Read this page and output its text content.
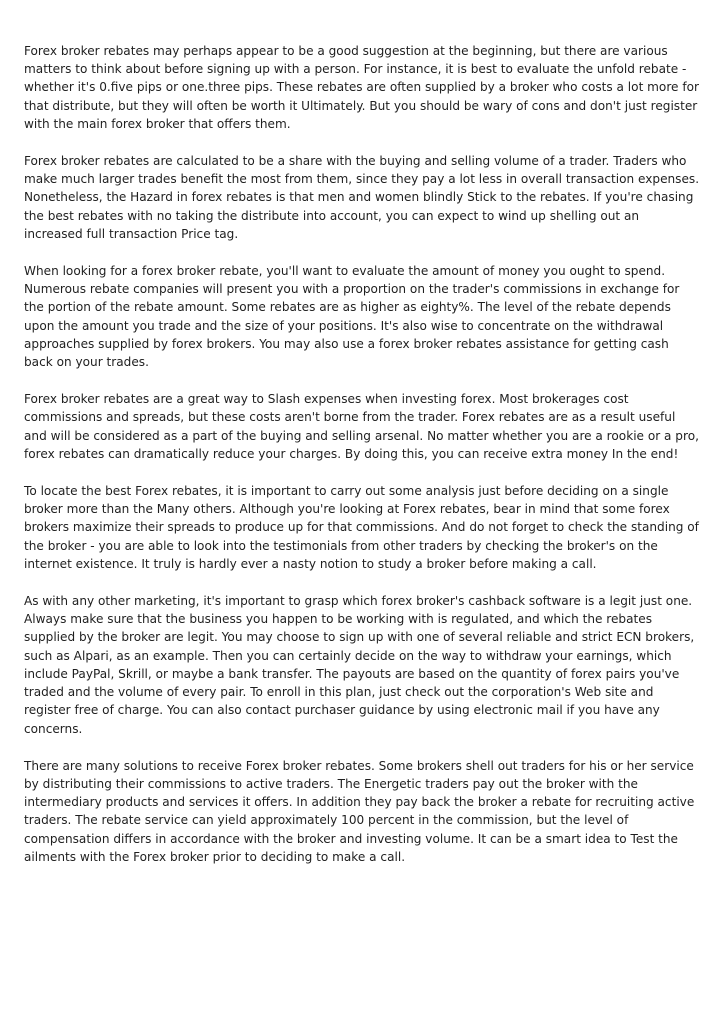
Forex broker rebates may perhaps appear to be a good suggestion at the beginning, but there are various matters to think about before signing up with a person. For instance, it is best to evaluate the unfold rebate - whether it's 0.five pips or one.three pips. These rebates are often supplied by a broker who costs a lot more for that distribute, but they will often be worth it Ultimately. But you should be wary of cons and don't just register with the main forex broker that offers them.

Forex broker rebates are calculated to be a share with the buying and selling volume of a trader. Traders who make much larger trades benefit the most from them, since they pay a lot less in overall transaction expenses. Nonetheless, the Hazard in forex rebates is that men and women blindly Stick to the rebates. If you're chasing the best rebates with no taking the distribute into account, you can expect to wind up shelling out an increased full transaction Price tag.

When looking for a forex broker rebate, you'll want to evaluate the amount of money you ought to spend. Numerous rebate companies will present you with a proportion on the trader's commissions in exchange for the portion of the rebate amount. Some rebates are as higher as eighty%. The level of the rebate depends upon the amount you trade and the size of your positions. It's also wise to concentrate on the withdrawal approaches supplied by forex brokers. You may also use a forex broker rebates assistance for getting cash back on your trades.

Forex broker rebates are a great way to Slash expenses when investing forex. Most brokerages cost commissions and spreads, but these costs aren't borne from the trader. Forex rebates are as a result useful and will be considered as a part of the buying and selling arsenal. No matter whether you are a rookie or a pro, forex rebates can dramatically reduce your charges. By doing this, you can receive extra money In the end!

To locate the best Forex rebates, it is important to carry out some analysis just before deciding on a single broker more than the Many others. Although you're looking at Forex rebates, bear in mind that some forex brokers maximize their spreads to produce up for that commissions. And do not forget to check the standing of the broker - you are able to look into the testimonials from other traders by checking the broker's on the internet existence. It truly is hardly ever a nasty notion to study a broker before making a call.

As with any other marketing, it's important to grasp which forex broker's cashback software is a legit just one. Always make sure that the business you happen to be working with is regulated, and which the rebates supplied by the broker are legit. You may choose to sign up with one of several reliable and strict ECN brokers, such as Alpari, as an example. Then you can certainly decide on the way to withdraw your earnings, which include PayPal, Skrill, or maybe a bank transfer. The payouts are based on the quantity of forex pairs you've traded and the volume of every pair. To enroll in this plan, just check out the corporation's Web site and register free of charge. You can also contact purchaser guidance by using electronic mail if you have any concerns.

There are many solutions to receive Forex broker rebates. Some brokers shell out traders for his or her service by distributing their commissions to active traders. The Energetic traders pay out the broker with the intermediary products and services it offers. In addition they pay back the broker a rebate for recruiting active traders. The rebate service can yield approximately 100 percent in the commission, but the level of compensation differs in accordance with the broker and investing volume. It can be a smart idea to Test the ailments with the Forex broker prior to deciding to make a call.
